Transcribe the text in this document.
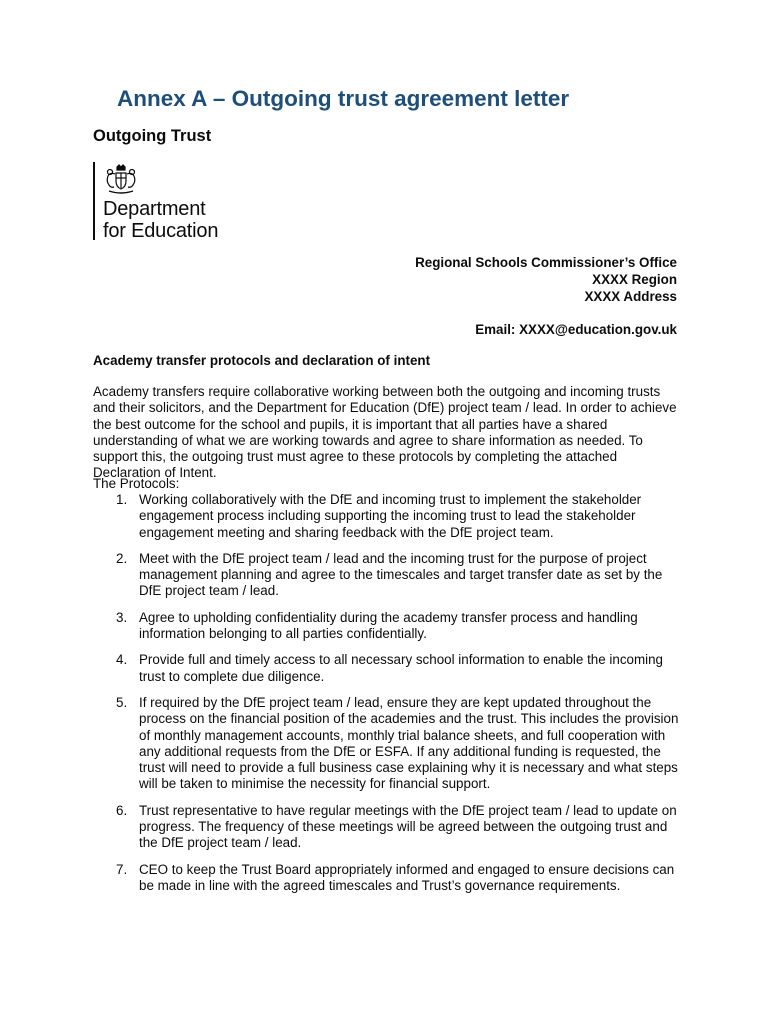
Annex A – Outgoing trust agreement letter
Outgoing Trust
Department
for Education
Regional Schools Commissioner’s Office
XXXX Region
XXXX Address
Email: XXXX@education.gov.uk
Academy transfer protocols and declaration of intent

Academy transfers require collaborative working between both the outgoing and incoming trusts and their solicitors, and the Department for Education (DfE) project team / lead. In order to achieve the best outcome for the school and pupils, it is important that all parties have a shared understanding of what we are working towards and agree to share information as needed. To support this, the outgoing trust must agree to these protocols by completing the attached Declaration of Intent.

The Protocols:
1. Working collaboratively with the DfE and incoming trust to implement the stakeholder engagement process including supporting the incoming trust to lead the stakeholder engagement meeting and sharing feedback with the DfE project team.
2. Meet with the DfE project team / lead and the incoming trust for the purpose of project management planning and agree to the timescales and target transfer date as set by the DfE project team / lead.
3. Agree to upholding confidentiality during the academy transfer process and handling information belonging to all parties confidentially.
4. Provide full and timely access to all necessary school information to enable the incoming trust to complete due diligence.
5. If required by the DfE project team / lead, ensure they are kept updated throughout the process on the financial position of the academies and the trust. This includes the provision of monthly management accounts, monthly trial balance sheets, and full cooperation with any additional requests from the DfE or ESFA. If any additional funding is requested, the trust will need to provide a full business case explaining why it is necessary and what steps will be taken to minimise the necessity for financial support.
6. Trust representative to have regular meetings with the DfE project team / lead to update on progress. The frequency of these meetings will be agreed between the outgoing trust and the DfE project team / lead.
7. CEO to keep the Trust Board appropriately informed and engaged to ensure decisions can be made in line with the agreed timescales and Trust’s governance requirements.
